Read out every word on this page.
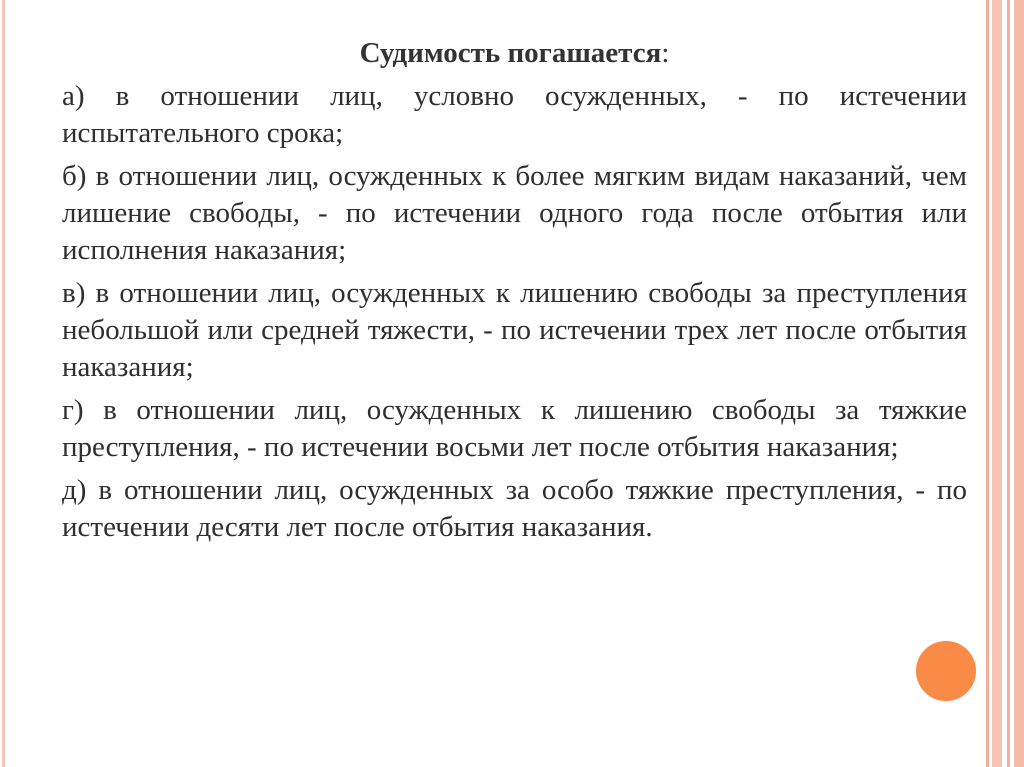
Судимость погашается:

а) в отношении лиц, условно осужденных, - по истечении испытательного срока;

б) в отношении лиц, осужденных к более мягким видам наказаний, чем лишение свободы, - по истечении одного года после отбытия или исполнения наказания;

в) в отношении лиц, осужденных к лишению свободы за преступления небольшой или средней тяжести, - по истечении трех лет после отбытия наказания;

г) в отношении лиц, осужденных к лишению свободы за тяжкие преступления, - по истечении восьми лет после отбытия наказания;

д) в отношении лиц, осужденных за особо тяжкие преступления, - по истечении десяти лет после отбытия наказания.
